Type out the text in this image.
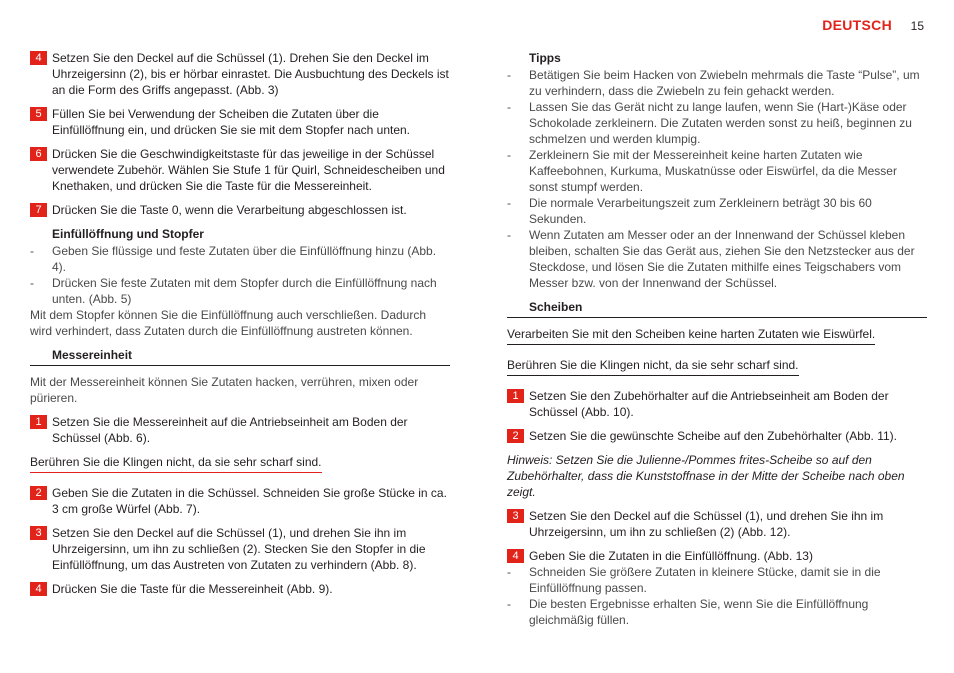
DEUTSCH 15
4 Setzen Sie den Deckel auf die Schüssel (1). Drehen Sie den Deckel im Uhrzeigersinn (2), bis er hörbar einrastet. Die Ausbuchtung des Deckels ist an die Form des Griffs angepasst. (Abb. 3)
5 Füllen Sie bei Verwendung der Scheiben die Zutaten über die Einfüllöffnung ein, und drücken Sie sie mit dem Stopfer nach unten.
6 Drücken Sie die Geschwindigkeitstaste für das jeweilige in der Schüssel verwendete Zubehör. Wählen Sie Stufe 1 für Quirl, Schneidescheiben und Knethaken, und drücken Sie die Taste für die Messereinheit.
7 Drücken Sie die Taste 0, wenn die Verarbeitung abgeschlossen ist.
Einfüllöffnung und Stopfer
- Geben Sie flüssige und feste Zutaten über die Einfüllöffnung hinzu (Abb. 4).
- Drücken Sie feste Zutaten mit dem Stopfer durch die Einfüllöffnung nach unten. (Abb. 5)
Mit dem Stopfer können Sie die Einfüllöffnung auch verschließen. Dadurch wird verhindert, dass Zutaten durch die Einfüllöffnung austreten können.
Messereinheit
Mit der Messereinheit können Sie Zutaten hacken, verrühren, mixen oder pürieren.
1 Setzen Sie die Messereinheit auf die Antriebseinheit am Boden der Schüssel (Abb. 6).
Berühren Sie die Klingen nicht, da sie sehr scharf sind.
2 Geben Sie die Zutaten in die Schüssel. Schneiden Sie große Stücke in ca. 3 cm große Würfel (Abb. 7).
3 Setzen Sie den Deckel auf die Schüssel (1), und drehen Sie ihn im Uhrzeigersinn, um ihn zu schließen (2). Stecken Sie den Stopfer in die Einfüllöffnung, um das Austreten von Zutaten zu verhindern (Abb. 8).
4 Drücken Sie die Taste für die Messereinheit (Abb. 9).
Tipps
- Betätigen Sie beim Hacken von Zwiebeln mehrmals die Taste “Pulse”, um zu verhindern, dass die Zwiebeln zu fein gehackt werden.
- Lassen Sie das Gerät nicht zu lange laufen, wenn Sie (Hart-)Käse oder Schokolade zerkleinern. Die Zutaten werden sonst zu heiß, beginnen zu schmelzen und werden klumpig.
- Zerkleinern Sie mit der Messereinheit keine harten Zutaten wie Kaffeebohnen, Kurkuma, Muskatnüsse oder Eiswürfel, da die Messer sonst stumpf werden.
- Die normale Verarbeitungszeit zum Zerkleinern beträgt 30 bis 60 Sekunden.
- Wenn Zutaten am Messer oder an der Innenwand der Schüssel kleben bleiben, schalten Sie das Gerät aus, ziehen Sie den Netzstecker aus der Steckdose, und lösen Sie die Zutaten mithilfe eines Teigschabers vom Messer bzw. von der Innenwand der Schüssel.
Scheiben
Verarbeiten Sie mit den Scheiben keine harten Zutaten wie Eiswürfel.
Berühren Sie die Klingen nicht, da sie sehr scharf sind.
1 Setzen Sie den Zubehörhalter auf die Antriebseinheit am Boden der Schüssel (Abb. 10).
2 Setzen Sie die gewünschte Scheibe auf den Zubehörhalter (Abb. 11).
Hinweis: Setzen Sie die Julienne-/Pommes frites-Scheibe so auf den Zubehörhalter, dass die Kunststoffnase in der Mitte der Scheibe nach oben zeigt.
3 Setzen Sie den Deckel auf die Schüssel (1), und drehen Sie ihn im Uhrzeigersinn, um ihn zu schließen (2) (Abb. 12).
4 Geben Sie die Zutaten in die Einfüllöffnung. (Abb. 13)
- Schneiden Sie größere Zutaten in kleinere Stücke, damit sie in die Einfüllöffnung passen.
- Die besten Ergebnisse erhalten Sie, wenn Sie die Einfüllöffnung gleichmäßig füllen.
